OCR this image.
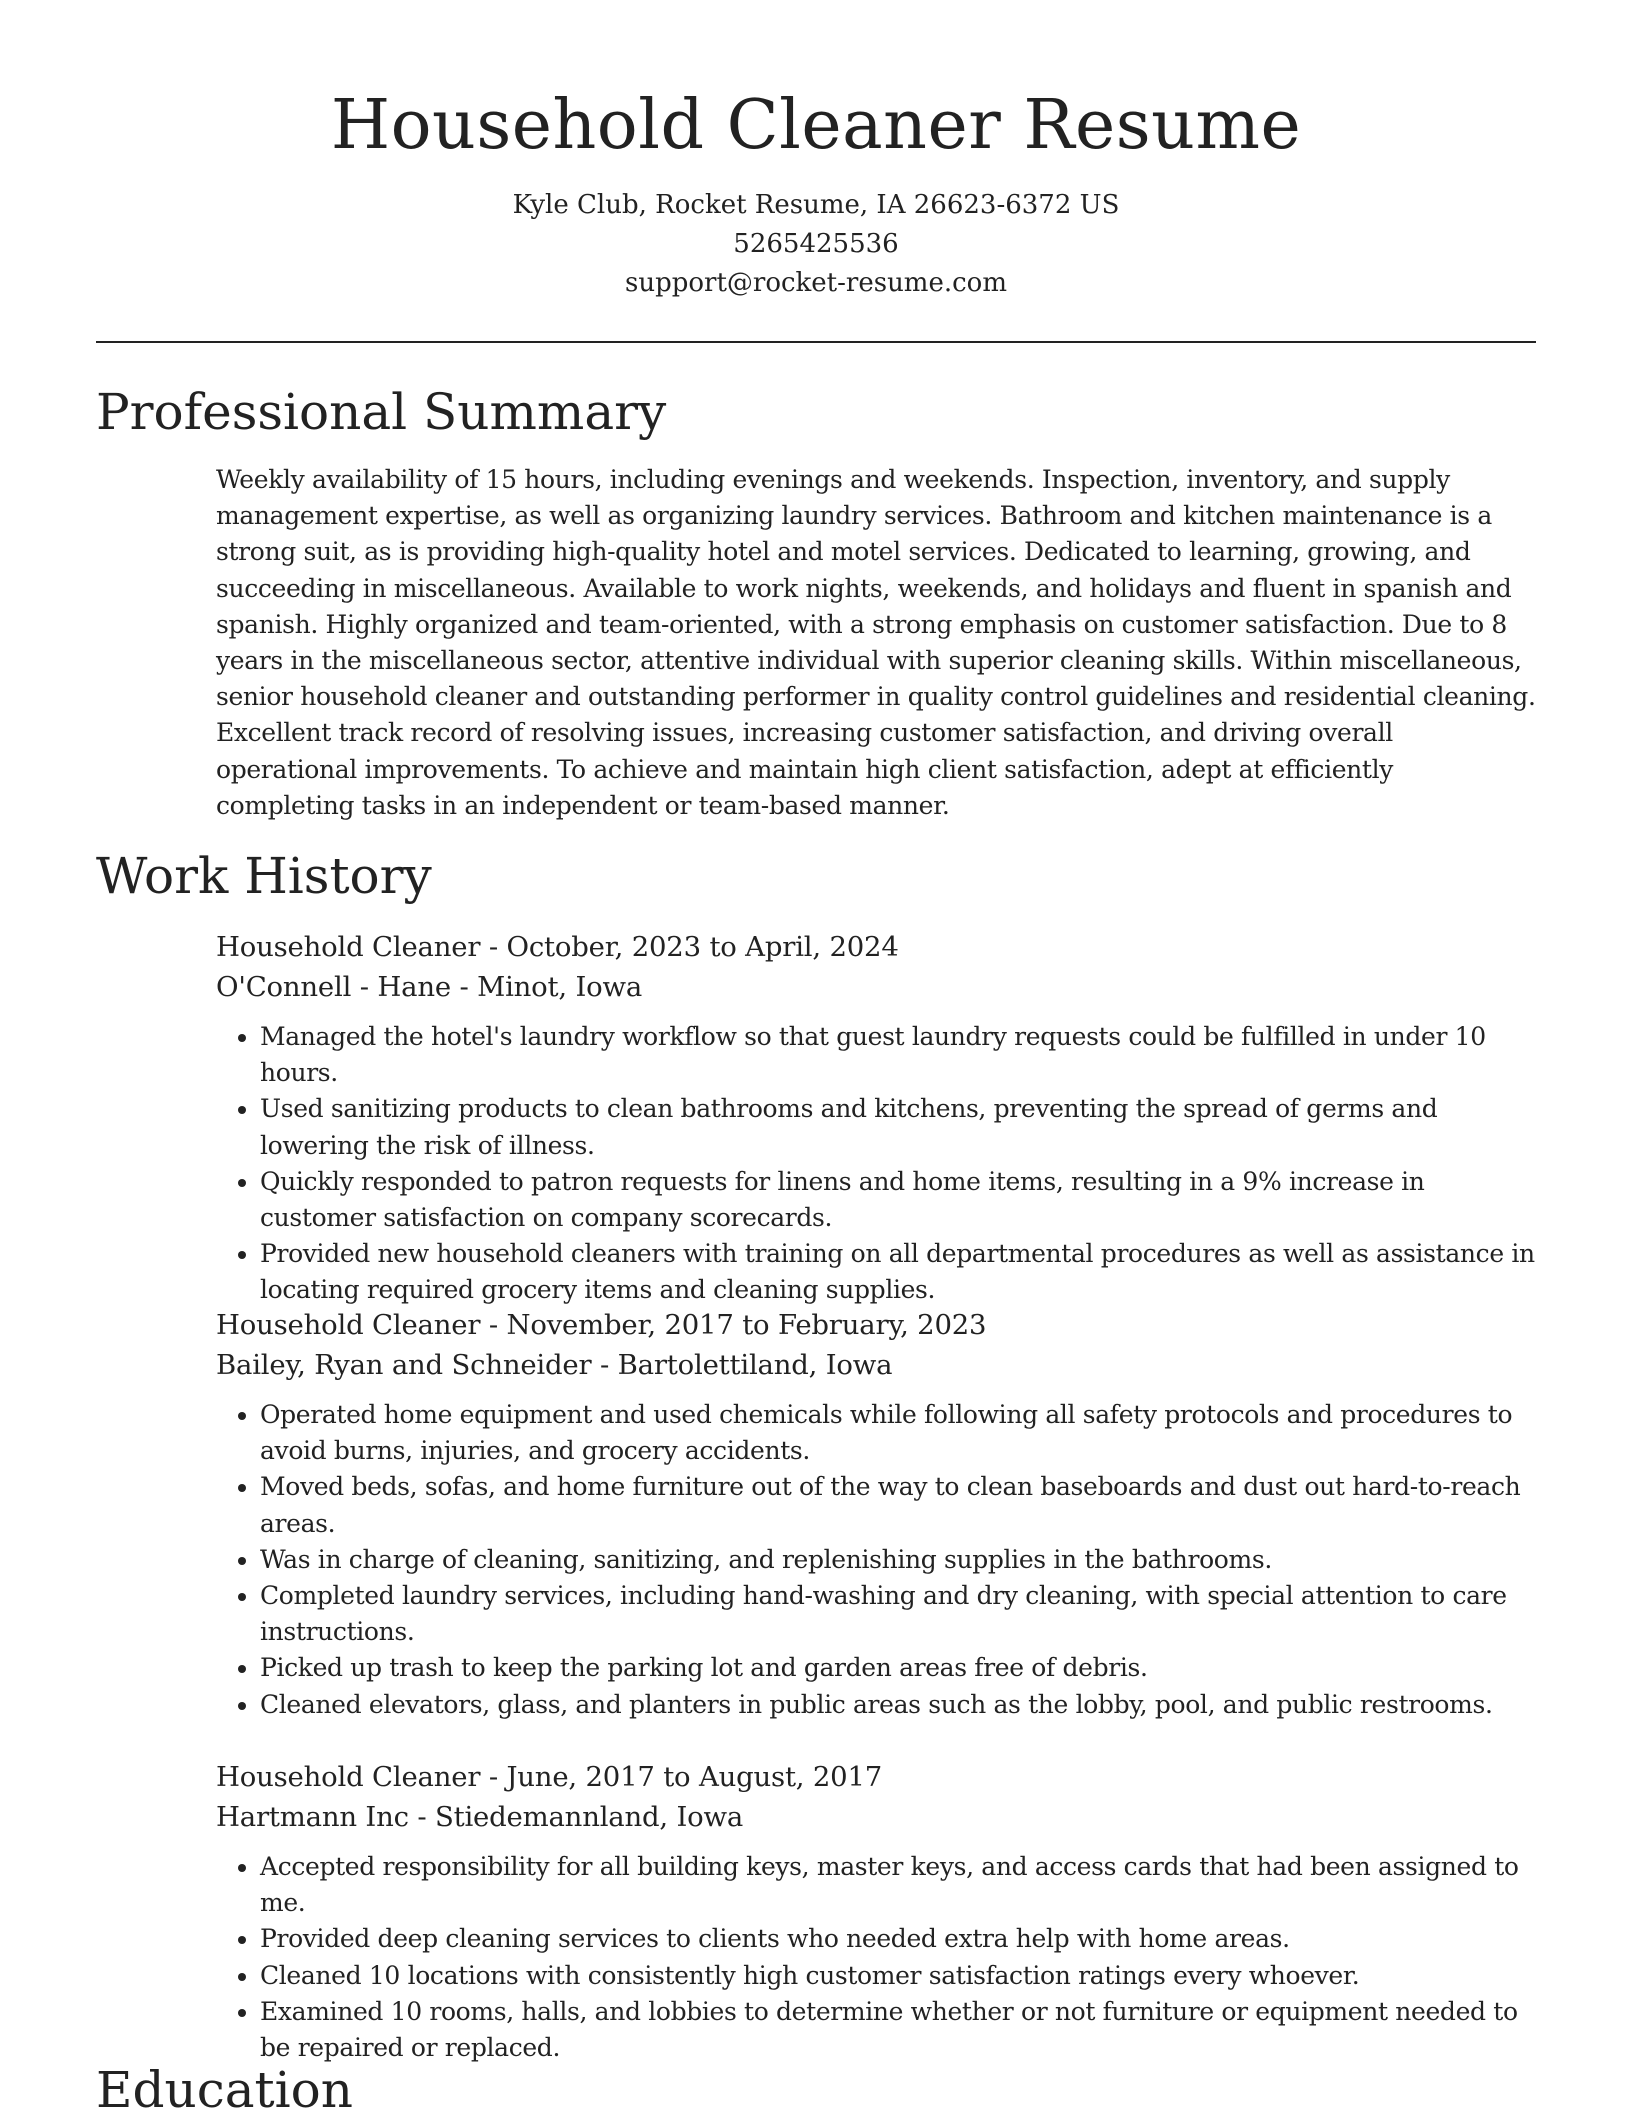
Household Cleaner Resume
Kyle Club, Rocket Resume, IA 26623-6372 US
5265425536
support@rocket-resume.com
Professional Summary

Weekly availability of 15 hours, including evenings and weekends. Inspection, inventory, and supply management expertise, as well as organizing laundry services. Bathroom and kitchen maintenance is a strong suit, as is providing high-quality hotel and motel services. Dedicated to learning, growing, and succeeding in miscellaneous. Available to work nights, weekends, and holidays and fluent in spanish and spanish. Highly organized and team-oriented, with a strong emphasis on customer satisfaction. Due to 8 years in the miscellaneous sector, attentive individual with superior cleaning skills. Within miscellaneous, senior household cleaner and outstanding performer in quality control guidelines and residential cleaning. Excellent track record of resolving issues, increasing customer satisfaction, and driving overall operational improvements. To achieve and maintain high client satisfaction, adept at efficiently completing tasks in an independent or team-based manner.

Work History
Household Cleaner - October, 2023 to April, 2024
O'Connell - Hane - Minot, Iowa
• Managed the hotel's laundry workflow so that guest laundry requests could be fulfilled in under 10 hours.
• Used sanitizing products to clean bathrooms and kitchens, preventing the spread of germs and lowering the risk of illness.
• Quickly responded to patron requests for linens and home items, resulting in a 9% increase in customer satisfaction on company scorecards.
• Provided new household cleaners with training on all departmental procedures as well as assistance in locating required grocery items and cleaning supplies.
Household Cleaner - November, 2017 to February, 2023
Bailey, Ryan and Schneider - Bartolettiland, Iowa
• Operated home equipment and used chemicals while following all safety protocols and procedures to avoid burns, injuries, and grocery accidents.
• Moved beds, sofas, and home furniture out of the way to clean baseboards and dust out hard-to-reach areas.
• Was in charge of cleaning, sanitizing, and replenishing supplies in the bathrooms.
• Completed laundry services, including hand-washing and dry cleaning, with special attention to care instructions.
• Picked up trash to keep the parking lot and garden areas free of debris.
• Cleaned elevators, glass, and planters in public areas such as the lobby, pool, and public restrooms.
Household Cleaner - June, 2017 to August, 2017
Hartmann Inc - Stiedemannland, Iowa
• Accepted responsibility for all building keys, master keys, and access cards that had been assigned to me.
• Provided deep cleaning services to clients who needed extra help with home areas.
• Cleaned 10 locations with consistently high customer satisfaction ratings every whoever.
• Examined 10 rooms, halls, and lobbies to determine whether or not furniture or equipment needed to be repaired or replaced.
Education
